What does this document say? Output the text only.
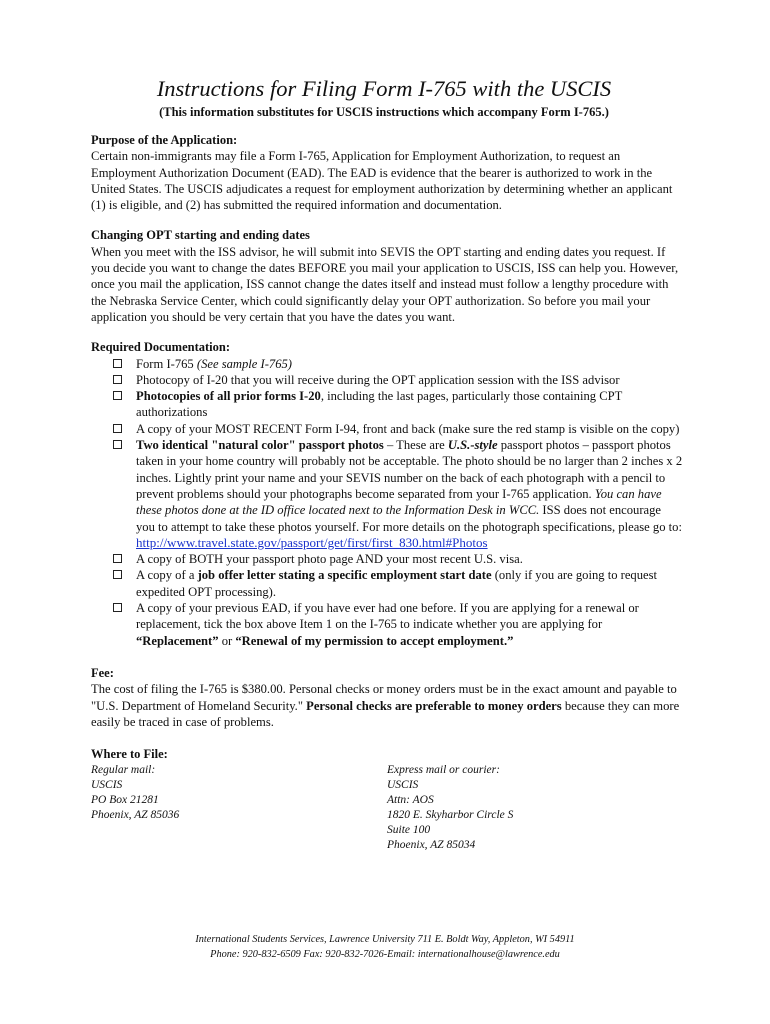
Instructions for Filing Form I-765 with the USCIS
(This information substitutes for USCIS instructions which accompany Form I-765.)
Purpose of the Application:

Certain non-immigrants may file a Form I-765, Application for Employment Authorization, to request an Employment Authorization Document (EAD). The EAD is evidence that the bearer is authorized to work in the United States. The USCIS adjudicates a request for employment authorization by determining whether an applicant (1) is eligible, and (2) has submitted the required information and documentation.

Changing OPT starting and ending dates

When you meet with the ISS advisor, he will submit into SEVIS the OPT starting and ending dates you request. If you decide you want to change the dates BEFORE you mail your application to USCIS, ISS can help you. However, once you mail the application, ISS cannot change the dates itself and instead must follow a lengthy procedure with the Nebraska Service Center, which could significantly delay your OPT authorization. So before you mail your application you should be very certain that you have the dates you want.

Required Documentation:
Form I-765 (See sample I-765)
Photocopy of I-20 that you will receive during the OPT application session with the ISS advisor
Photocopies of all prior forms I-20, including the last pages, particularly those containing CPT authorizations
A copy of your MOST RECENT Form I-94, front and back (make sure the red stamp is visible on the copy)
Two identical "natural color" passport photos – These are U.S.-style passport photos – passport photos taken in your home country will probably not be acceptable. The photo should be no larger than 2 inches x 2 inches. Lightly print your name and your SEVIS number on the back of each photograph with a pencil to prevent problems should your photographs become separated from your I-765 application. You can have these photos done at the ID office located next to the Information Desk in WCC. ISS does not encourage you to attempt to take these photos yourself. For more details on the photograph specifications, please go to:
http://www.travel.state.gov/passport/get/first/first_830.html#Photos
A copy of BOTH your passport photo page AND your most recent U.S. visa.
A copy of a job offer letter stating a specific employment start date (only if you are going to request expedited OPT processing).
A copy of your previous EAD, if you have ever had one before. If you are applying for a renewal or replacement, tick the box above Item 1 on the I-765 to indicate whether you are applying for “Replacement” or “Renewal of my permission to accept employment.”
Fee:

The cost of filing the I-765 is $380.00. Personal checks or money orders must be in the exact amount and payable to "U.S. Department of Homeland Security." Personal checks are preferable to money orders because they can more easily be traced in case of problems.

Where to File:
Regular mail:
USCIS
PO Box 21281
Phoenix, AZ 85036
Express mail or courier:
USCIS
Attn: AOS
1820 E. Skyharbor Circle S
Suite 100
Phoenix, AZ 85034
International Students Services, Lawrence University 711 E. Boldt Way, Appleton, WI 54911
Phone: 920-832-6509 Fax: 920-832-7026-Email: internationalhouse@lawrence.edu
